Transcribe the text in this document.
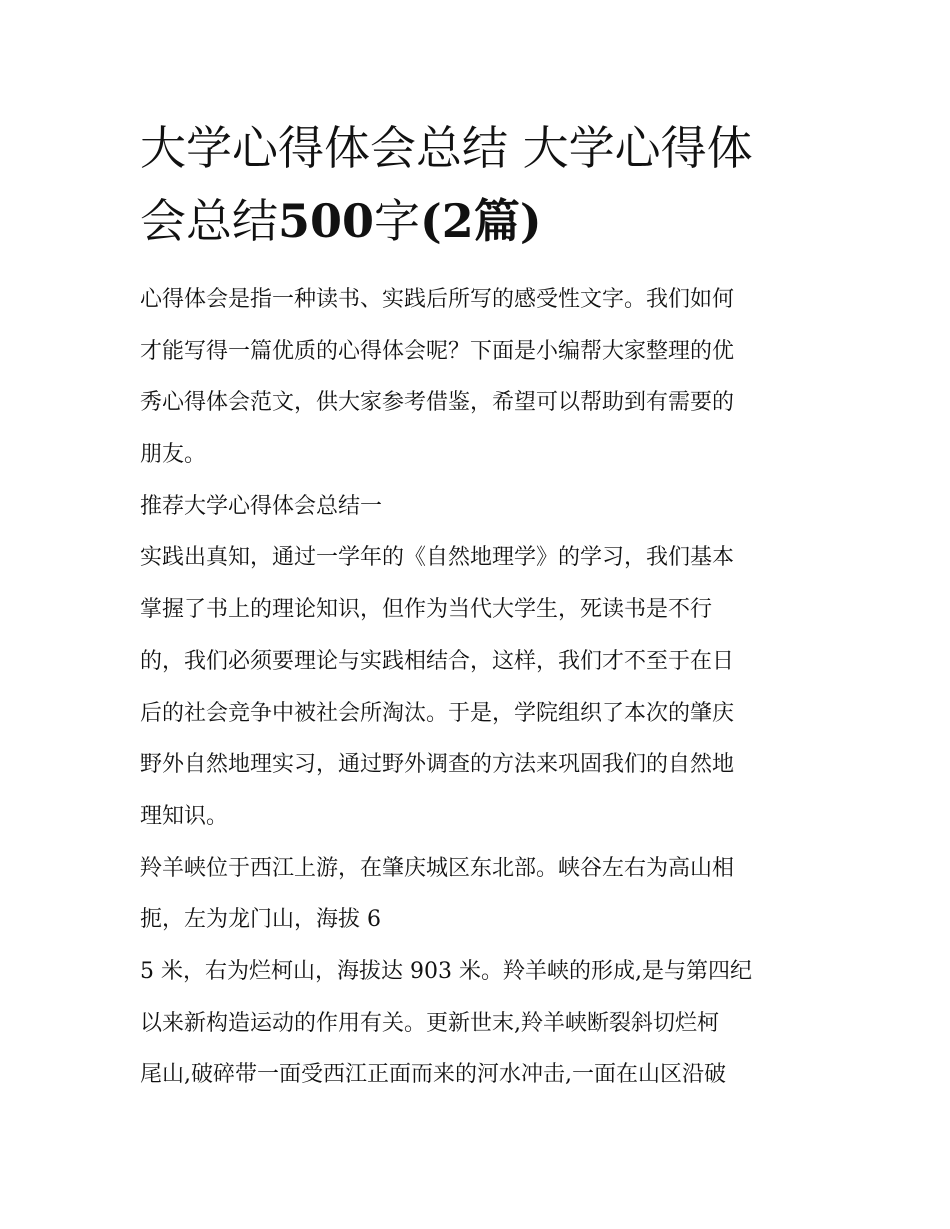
大学心得体会总结 大学心得体
会总结500字(2篇)
心得体会是指一种读书、实践后所写的感受性文字。我们如何
才能写得一篇优质的心得体会呢？下面是小编帮大家整理的优
秀心得体会范文，供大家参考借鉴，希望可以帮助到有需要的
朋友。
推荐大学心得体会总结一
实践出真知，通过一学年的《自然地理学》的学习，我们基本
掌握了书上的理论知识，但作为当代大学生，死读书是不行
的，我们必须要理论与实践相结合，这样，我们才不至于在日
后的社会竞争中被社会所淘汰。于是，学院组织了本次的肇庆
野外自然地理实习，通过野外调查的方法来巩固我们的自然地
理知识。
羚羊峡位于西江上游，在肇庆城区东北部。峡谷左右为高山相
扼，左为龙门山，海拔 6
5 米，右为烂柯山，海拔达 903 米。羚羊峡的形成,是与第四纪
以来新构造运动的作用有关。更新世末,羚羊峡断裂斜切烂柯
尾山,破碎带一面受西江正面而来的河水冲击,一面在山区沿破
